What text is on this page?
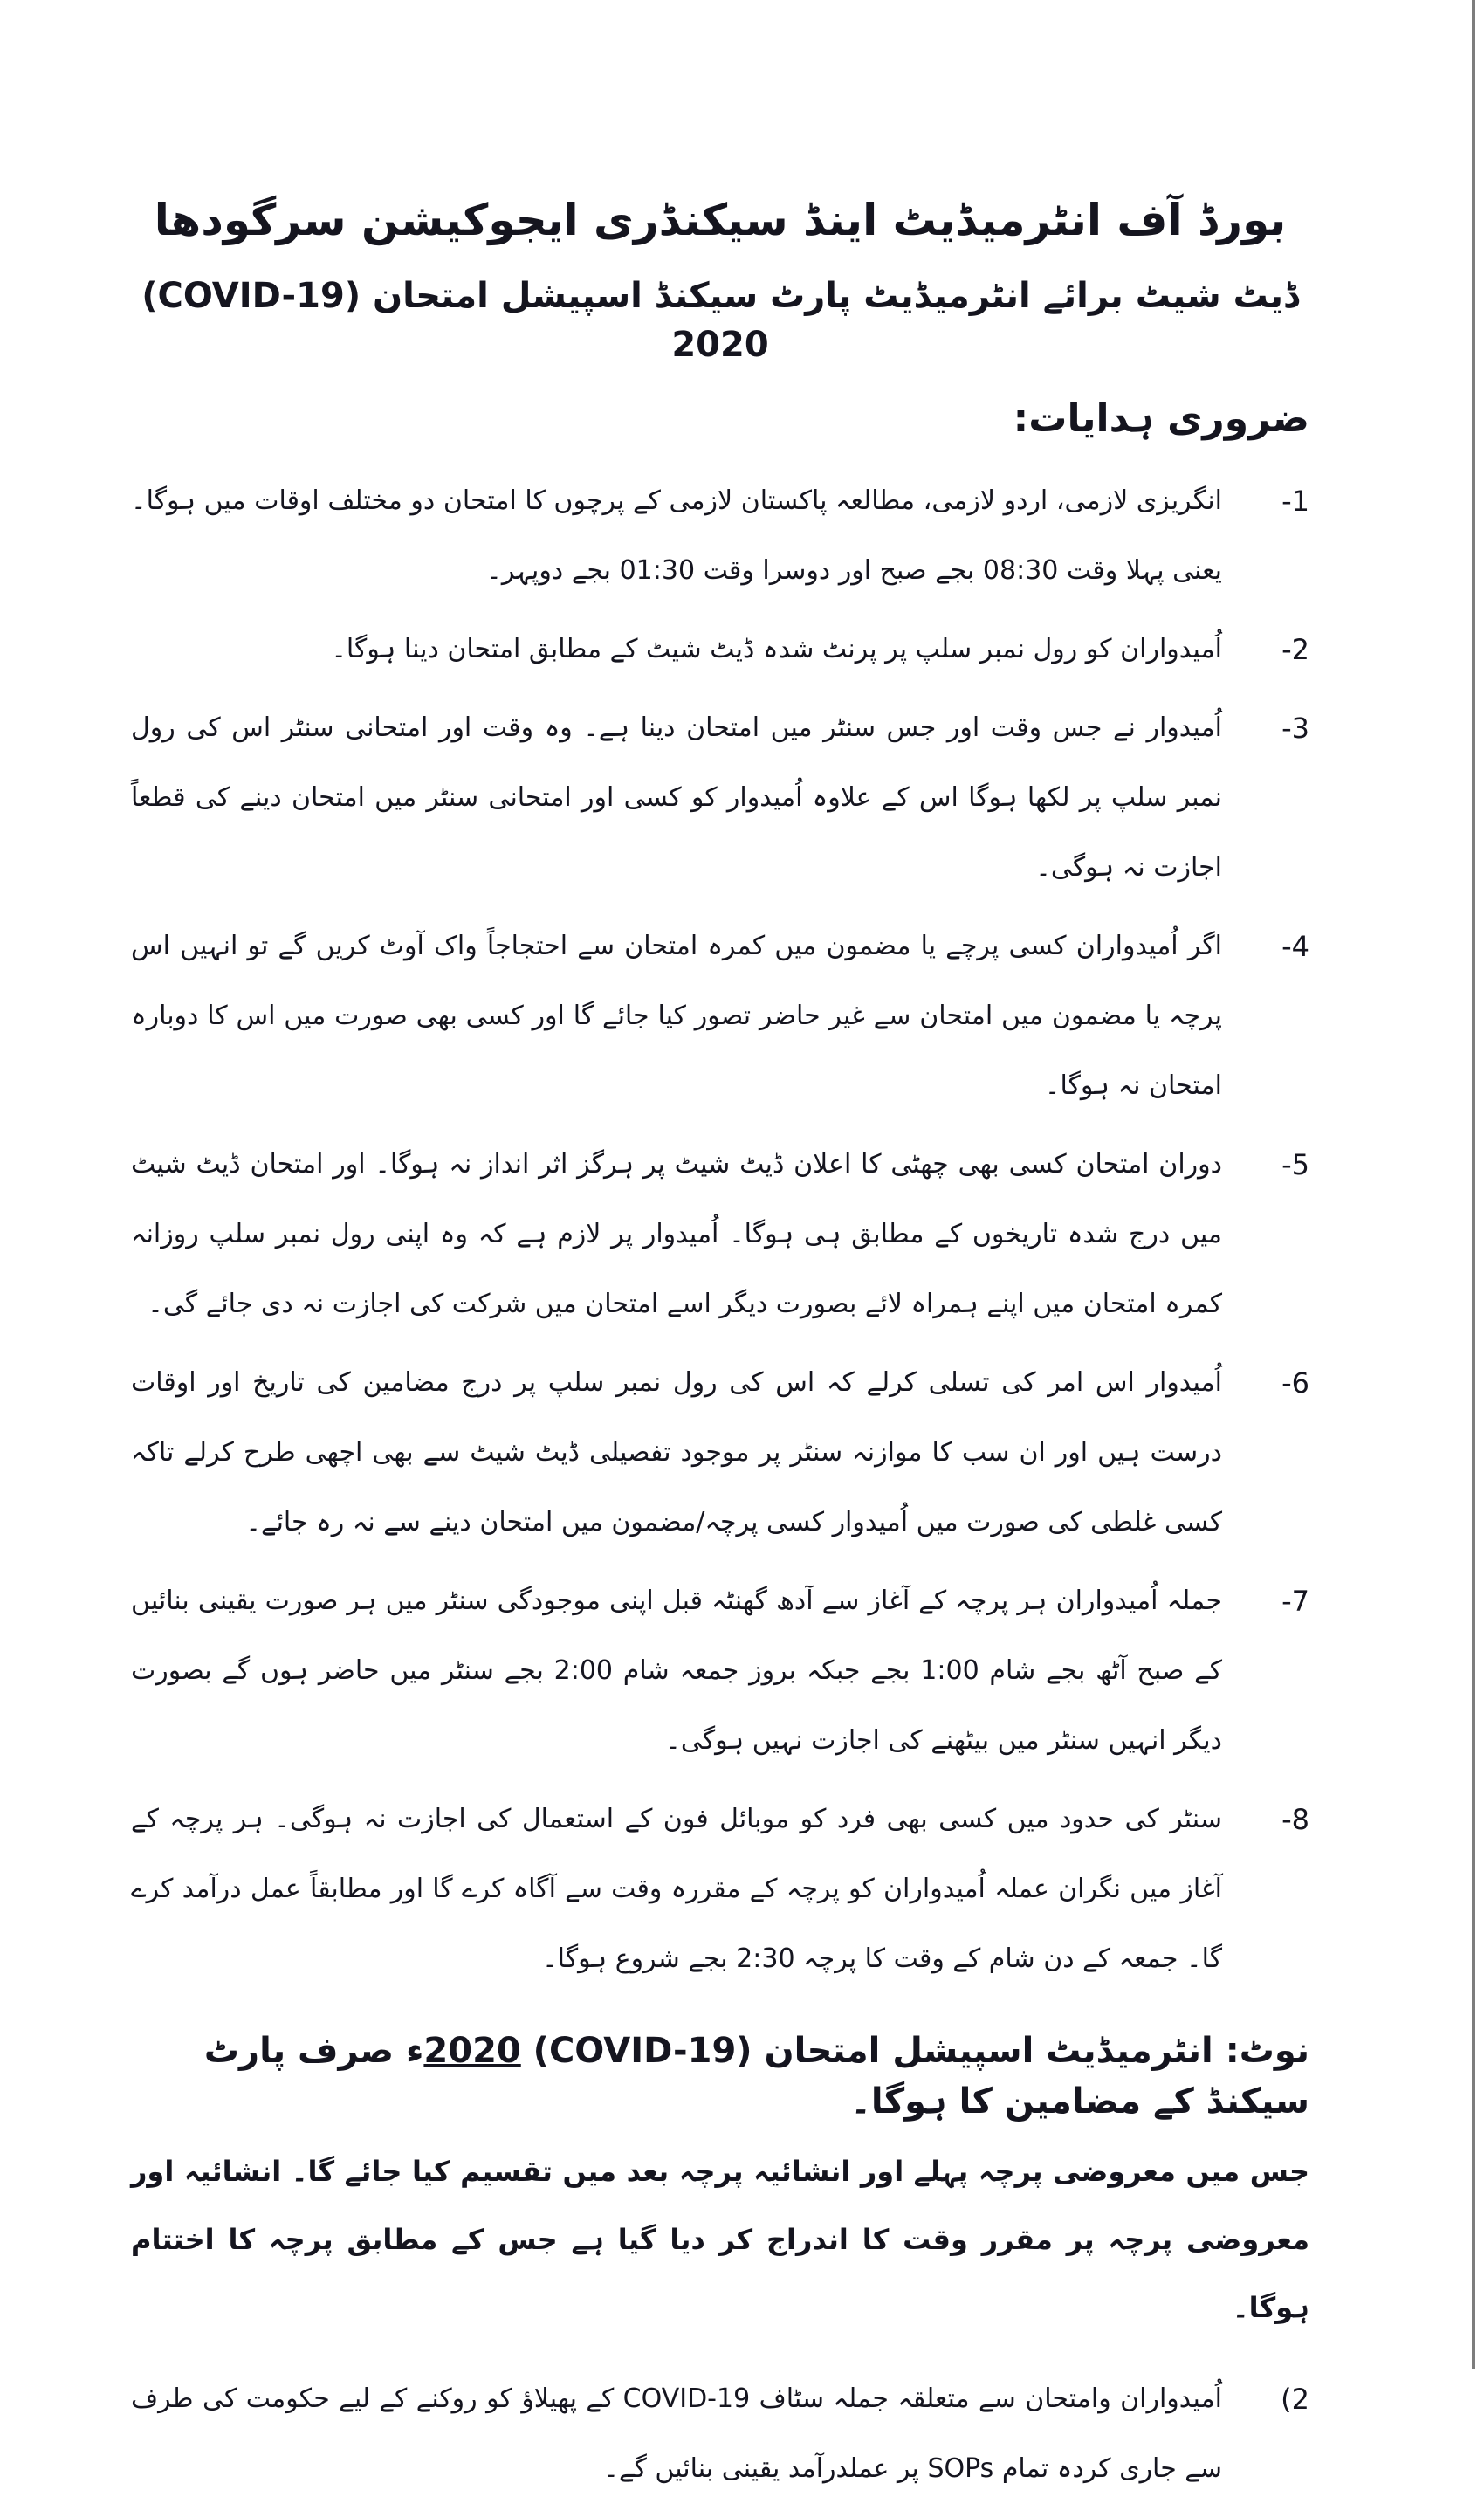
بورڈ آف انٹرمیڈیٹ اینڈ سیکنڈری ایجوکیشن سرگودھا
ڈیٹ شیٹ برائے انٹرمیڈیٹ پارٹ سیکنڈ اسپیشل امتحان (COVID-19) 2020
ضروری ہدایات:
-1
انگریزی لازمی، اردو لازمی، مطالعہ پاکستان لازمی کے پرچوں کا امتحان دو مختلف اوقات میں ہوگا۔ یعنی پہلا وقت 08:30 بجے صبح اور دوسرا وقت 01:30 بجے دوپہر۔
-2
اُمیدواران کو رول نمبر سلپ پر پرنٹ شدہ ڈیٹ شیٹ کے مطابق امتحان دینا ہوگا۔
-3
اُمیدوار نے جس وقت اور جس سنٹر میں امتحان دینا ہے۔ وہ وقت اور امتحانی سنٹر اس کی رول نمبر سلپ پر لکھا ہوگا اس کے علاوہ اُمیدوار کو کسی اور امتحانی سنٹر میں امتحان دینے کی قطعاً اجازت نہ ہوگی۔
-4
اگر اُمیدواران کسی پرچے یا مضمون میں کمرہ امتحان سے احتجاجاً واک آوٹ کریں گے تو انہیں اس پرچہ یا مضمون میں امتحان سے غیر حاضر تصور کیا جائے گا اور کسی بھی صورت میں اس کا دوبارہ امتحان نہ ہوگا۔
-5
دوران امتحان کسی بھی چھٹی کا اعلان ڈیٹ شیٹ پر ہرگز اثر انداز نہ ہوگا۔ اور امتحان ڈیٹ شیٹ میں درج شدہ تاریخوں کے مطابق ہی ہوگا۔ اُمیدوار پر لازم ہے کہ وہ اپنی رول نمبر سلپ روزانہ کمرہ امتحان میں اپنے ہمراہ لائے بصورت دیگر اسے امتحان میں شرکت کی اجازت نہ دی جائے گی۔
-6
اُمیدوار اس امر کی تسلی کرلے کہ اس کی رول نمبر سلپ پر درج مضامین کی تاریخ اور اوقات درست ہیں اور ان سب کا موازنہ سنٹر پر موجود تفصیلی ڈیٹ شیٹ سے بھی اچھی طرح کرلے تاکہ کسی غلطی کی صورت میں اُمیدوار کسی پرچہ/مضمون میں امتحان دینے سے نہ رہ جائے۔
-7
جملہ اُمیدواران ہر پرچہ کے آغاز سے آدھ گھنٹہ قبل اپنی موجودگی سنٹر میں ہر صورت یقینی بنائیں کے صبح آٹھ بجے شام 1:00 بجے جبکہ بروز جمعہ شام 2:00 بجے سنٹر میں حاضر ہوں گے بصورت دیگر انہیں سنٹر میں بیٹھنے کی اجازت نہیں ہوگی۔
-8
سنٹر کی حدود میں کسی بھی فرد کو موبائل فون کے استعمال کی اجازت نہ ہوگی۔ ہر پرچہ کے آغاز میں نگران عملہ اُمیدواران کو پرچہ کے مقررہ وقت سے آگاہ کرے گا اور مطابقاً عمل درآمد کرے گا۔ جمعہ کے دن شام کے وقت کا پرچہ 2:30 بجے شروع ہوگا۔

نوٹ: انٹرمیڈیٹ اسپیشل امتحان (COVID-19) 2020ء صرف پارٹ سیکنڈ کے مضامین کا ہوگا۔

جس میں معروضی پرچہ پہلے اور انشائیہ پرچہ بعد میں تقسیم کیا جائے گا۔ انشائیہ اور معروضی پرچہ پر مقرر وقت کا اندراج کر دیا گیا ہے جس کے مطابق پرچہ کا اختتام ہوگا۔

(2
اُمیدواران وامتحان سے متعلقہ جملہ سٹاف COVID-19 کے پھیلاؤ کو روکنے کے لیے حکومت کی طرف سے جاری کردہ تمام SOPs پر عملدرآمد یقینی بنائیں گے۔
